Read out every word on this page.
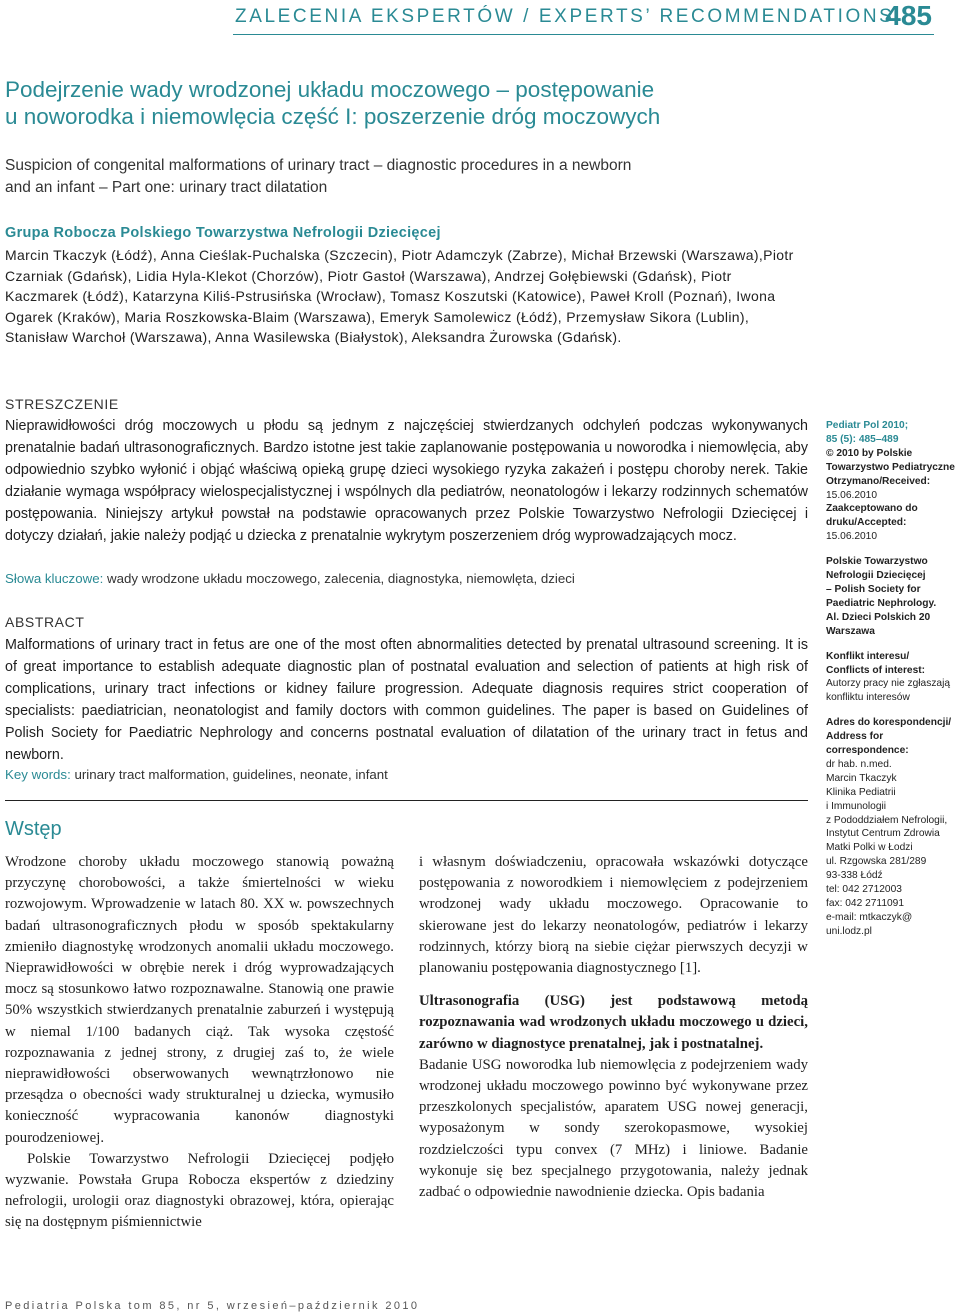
ZALECENIA EKSPERTÓW / EXPERTS’ RECOMMENDATIONS
485
Podejrzenie wady wrodzonej układu moczowego – postępowanie
u noworodka i niemowlęcia część I: poszerzenie dróg moczowych
Suspicion of congenital malformations of urinary tract – diagnostic procedures in a newborn
and an infant – Part one: urinary tract dilatation
Grupa Robocza Polskiego Towarzystwa Nefrologii Dziecięcej
Marcin Tkaczyk (Łódź), Anna Cieślak-Puchalska (Szczecin), Piotr Adamczyk (Zabrze), Michał Brzewski (Warszawa),Piotr Czarniak (Gdańsk), Lidia Hyla-Klekot (Chorzów), Piotr Gastoł (Warszawa), Andrzej Gołębiewski (Gdańsk), Piotr Kaczmarek (Łódź), Katarzyna Kiliś-Pstrusińska (Wrocław), Tomasz Koszutski (Katowice), Paweł Kroll (Poznań), Iwona Ogarek (Kraków), Maria Roszkowska-Blaim (Warszawa), Emeryk Samolewicz (Łódź), Przemysław Sikora (Lublin), Stanisław Warchoł (Warszawa), Anna Wasilewska (Białystok), Aleksandra Żurowska (Gdańsk).
STRESZCZENIE
Nieprawidłowości dróg moczowych u płodu są jednym z najczęściej stwierdzanych odchyleń podczas wykonywanych prenatalnie badań ultrasonograficznych. Bardzo istotne jest takie zaplanowanie postępowania u noworodka i niemowlęcia, aby odpowiednio szybko wyłonić i objąć właściwą opieką grupę dzieci wysokiego ryzyka zakażeń i postępu choroby nerek. Takie działanie wymaga współpracy wielospecjalistycznej i wspólnych dla pediatrów, neonatologów i lekarzy rodzinnych schematów postępowania. Niniejszy artykuł powstał na podstawie opracowanych przez Polskie Towarzystwo Nefrologii Dziecięcej i dotyczy działań, jakie należy podjąć u dziecka z prenatalnie wykrytym poszerzeniem dróg wyprowadzających mocz.
Słowa kluczowe: wady wrodzone układu moczowego, zalecenia, diagnostyka, niemowlęta, dzieci
ABSTRACT
Malformations of urinary tract in fetus are one of the most often abnormalities detected by prenatal ultrasound screening. It is of great importance to establish adequate diagnostic plan of postnatal evaluation and selection of patients at high risk of complications, urinary tract infections or kidney failure progression. Adequate diagnosis requires strict cooperation of specialists: paediatrician, neonatologist and family doctors with common guidelines. The paper is based on Guidelines of Polish Society for Paediatric Nephrology and concerns postnatal evaluation of dilatation of the urinary tract in fetus and newborn.
Key words: urinary tract malformation, guidelines, neonate, infant
Wstęp

Wrodzone choroby układu moczowego stanowią poważną przyczynę chorobowości, a także śmiertelności w wieku rozwojowym. Wprowadzenie w latach 80. XX w. powszechnych badań ultrasonograficznych płodu w sposób spektakularny zmieniło diagnostykę wrodzonych anomalii układu moczowego. Nieprawidłowości w obrębie nerek i dróg wyprowadzających mocz są stosunkowo łatwo rozpoznawalne. Stanowią one prawie 50% wszystkich stwierdzanych prenatalnie zaburzeń i występują w niemal 1/100 badanych ciąż. Tak wysoka częstość rozpoznawania z jednej strony, z drugiej zaś to, że wiele nieprawidłowości obserwowanych wewnątrzłonowo nie przesądza o obecności wady strukturalnej u dziecka, wymusiło konieczność wypracowania kanonów diagnostyki pourodzeniowej.

Polskie Towarzystwo Nefrologii Dziecięcej podjęło wyzwanie. Powstała Grupa Robocza ekspertów z dziedziny nefrologii, urologii oraz diagnostyki obrazowej, która, opierając się na dostępnym piśmiennictwie

i własnym doświadczeniu, opracowała wskazówki dotyczące postępowania z noworodkiem i niemowlęciem z podejrzeniem wrodzonej wady układu moczowego. Opracowanie to skierowane jest do lekarzy neonatologów, pediatrów i lekarzy rodzinnych, którzy biorą na siebie ciężar pierwszych decyzji w planowaniu postępowania diagnostycznego [1].

Ultrasonografia (USG) jest podstawową metodą rozpoznawania wad wrodzonych układu moczowego u dzieci, zarówno w diagnostyce prenatalnej, jak i postnatalnej.

Badanie USG noworodka lub niemowlęcia z podejrzeniem wady wrodzonej układu moczowego powinno być wykonywane przez przeszkolonych specjalistów, aparatem USG nowej generacji, wyposażonym w sondy szerokopasmowe, wysokiej rozdzielczości typu convex (7 MHz) i liniowe. Badanie wykonuje się bez specjalnego przygotowania, należy jednak zadbać o odpowiednie nawodnienie dziecka. Opis badania

Pediatr Pol 2010;
85 (5): 485–489
© 2010 by Polskie
Towarzystwo Pediatryczne
Otrzymano/Received:
15.06.2010
Zaakceptowano do
druku/Accepted:
15.06.2010
Polskie Towarzystwo
Nefrologii Dziecięcej
– Polish Society for
Paediatric Nephrology.
Al. Dzieci Polskich 20
Warszawa
Konflikt interesu/
Conflicts of interest:
Autorzy pracy nie zgłaszają
konfliktu interesów
Adres do korespondencji/
Address for
correspondence:
dr hab. n.med.
Marcin Tkaczyk
Klinika Pediatrii
i Immunologii
z Pododdziałem Nefrologii,
Instytut Centrum Zdrowia
Matki Polki w Łodzi
ul. Rzgowska 281/289
93-338 Łódź
tel: 042 2712003
fax: 042 2711091
e-mail: mtkaczyk@
uni.lodz.pl
Pediatria Polska tom 85, nr 5, wrzesień–październik 2010
